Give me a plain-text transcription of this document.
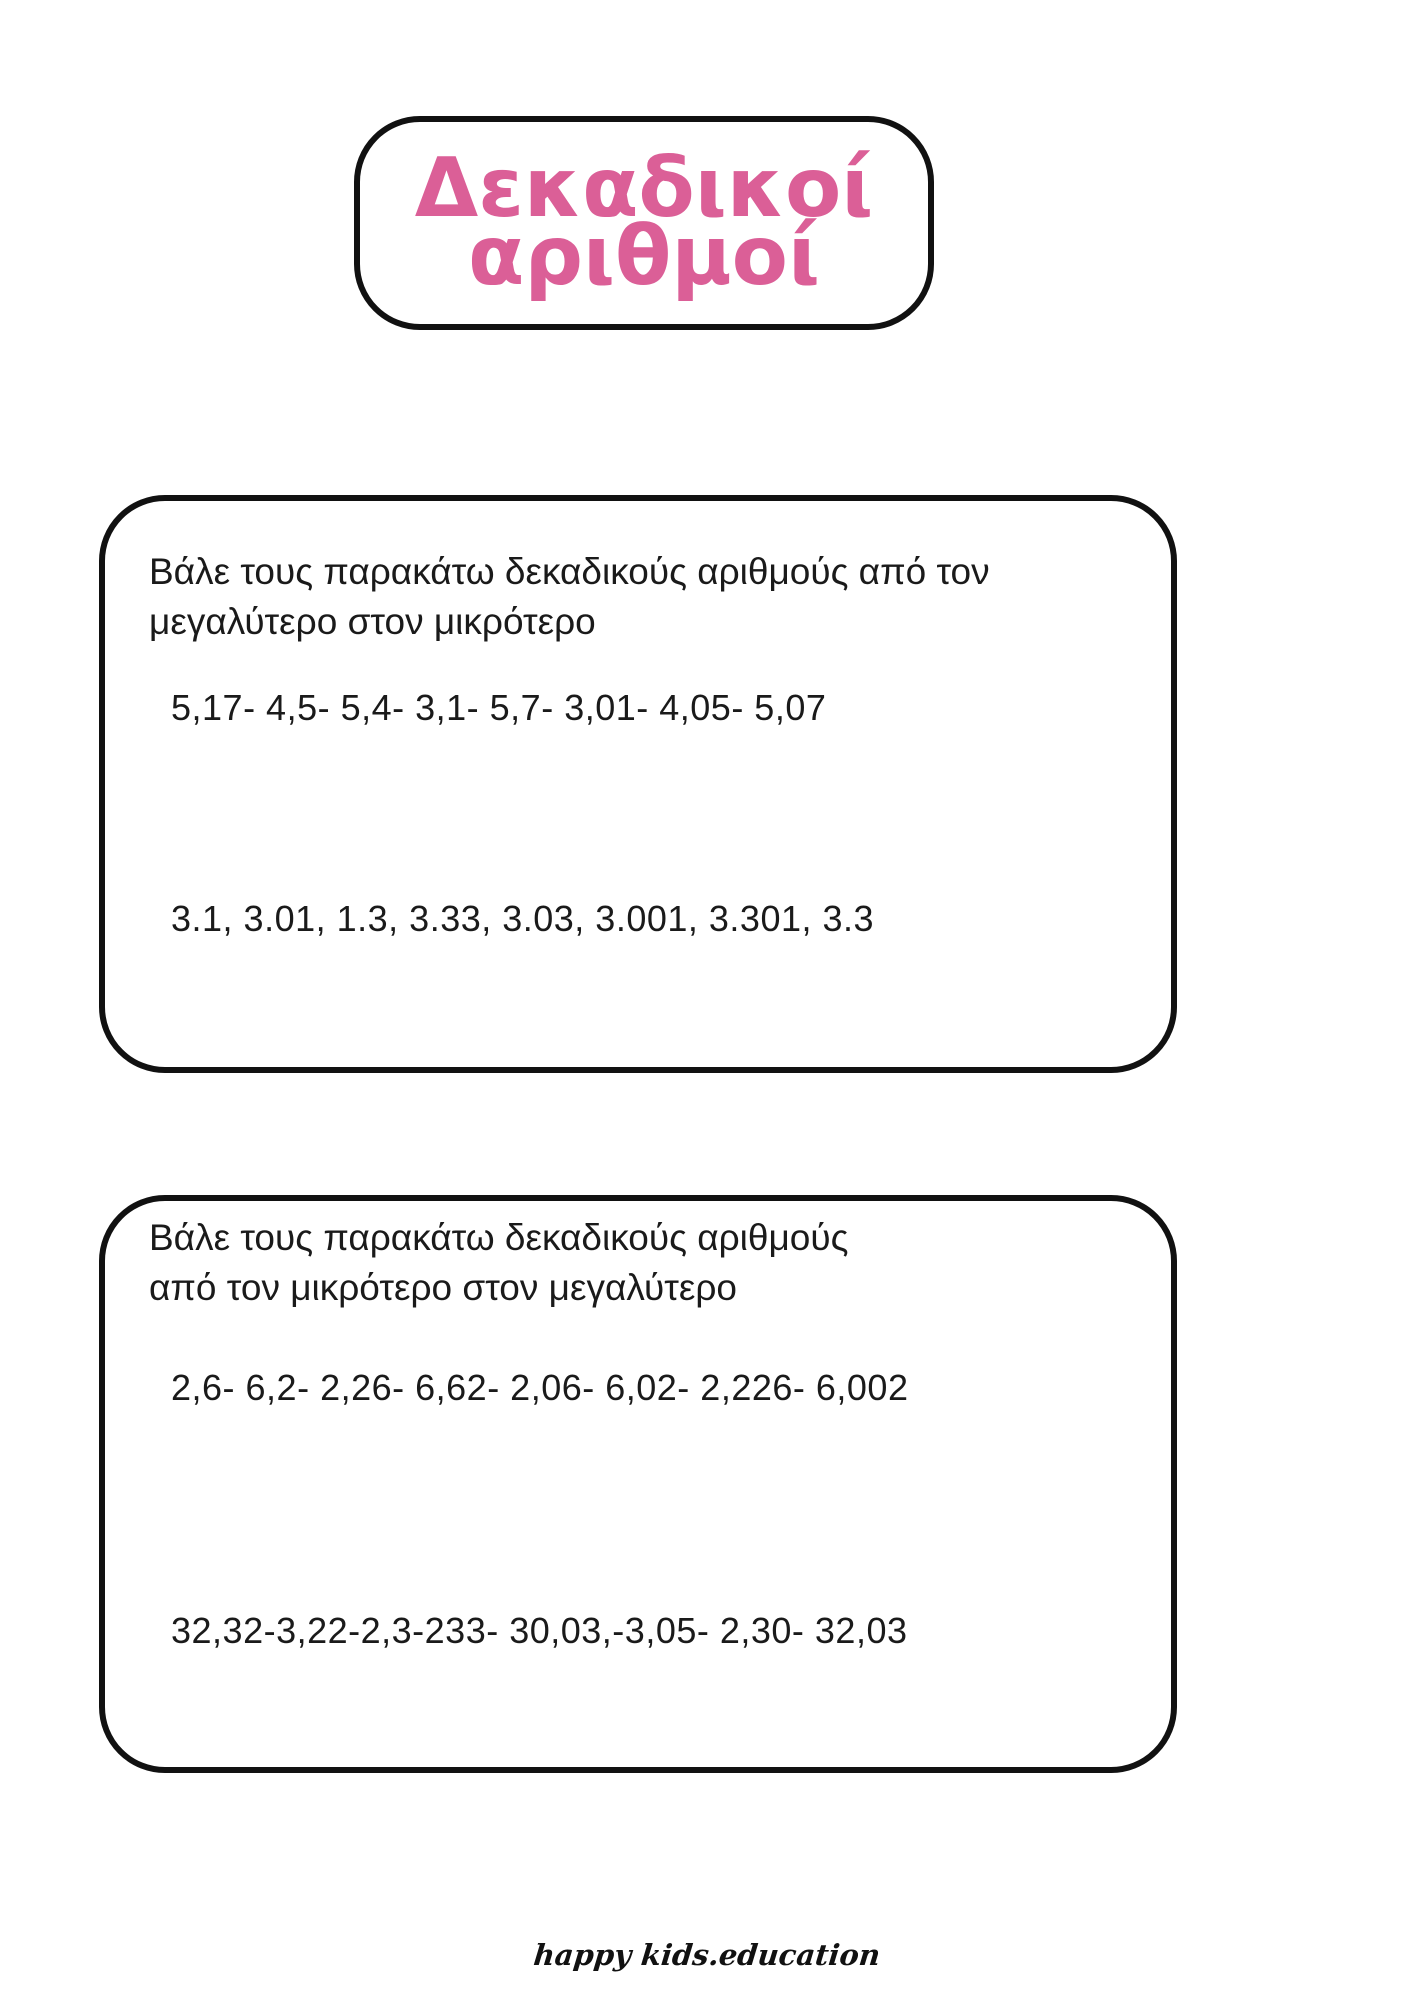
Δεκαδικοί
αριθμοί
Βάλε τους παρακάτω δεκαδικούς αριθμούς από τον
μεγαλύτερο στον μικρότερο
5,17- 4,5- 5,4- 3,1- 5,7- 3,01- 4,05- 5,07
3.1, 3.01, 1.3, 3.33, 3.03, 3.001, 3.301, 3.3
Βάλε τους παρακάτω δεκαδικούς αριθμούς
από τον μικρότερο στον μεγαλύτερο
2,6- 6,2- 2,26- 6,62- 2,06- 6,02- 2,226- 6,002
32,32-3,22-2,3-233- 30,03,-3,05- 2,30- 32,03
happy kids.education
